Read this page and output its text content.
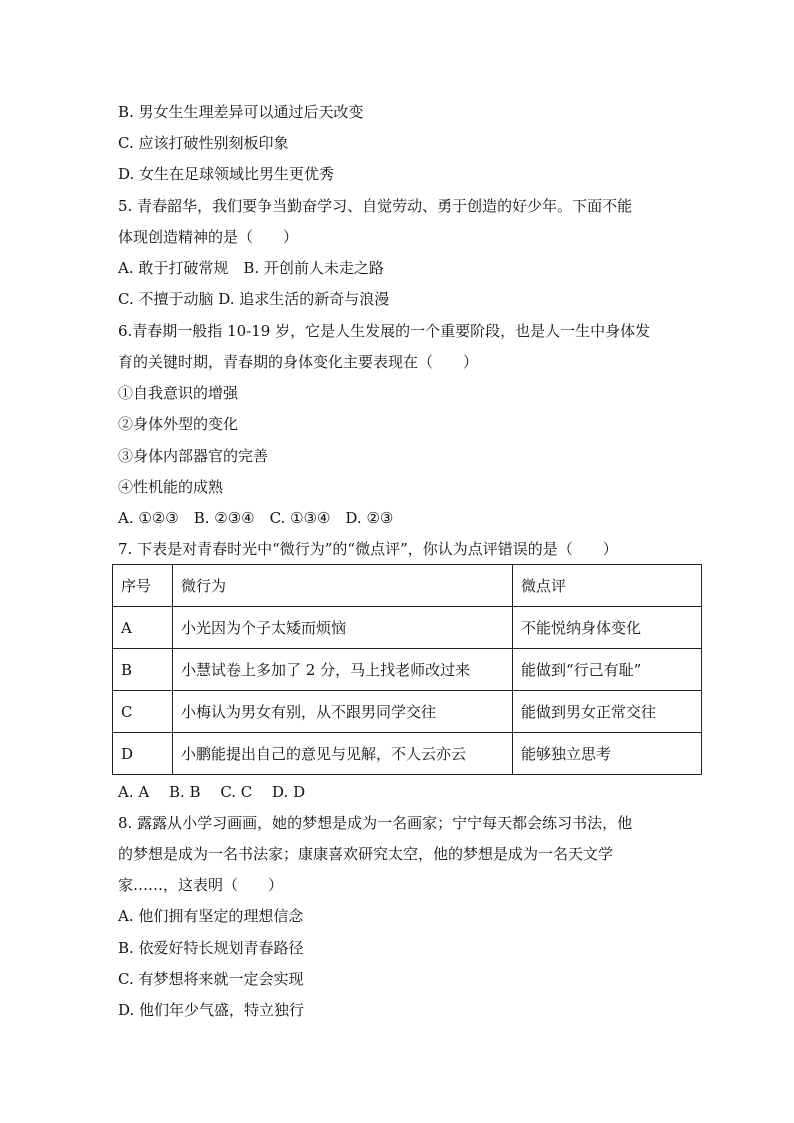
B. 男女生生理差异可以通过后天改变
C. 应该打破性别刻板印象
D. 女生在足球领域比男生更优秀
5. 青春韶华，我们要争当勤奋学习、自觉劳动、勇于创造的好少年。下面不能
体现创造精神的是（　　）
A. 敢于打破常规　B. 开创前人未走之路
C. 不擅于动脑 D. 追求生活的新奇与浪漫
6.青春期一般指 10-19 岁，它是人生发展的一个重要阶段，也是人一生中身体发
育的关键时期，青春期的身体变化主要表现在（　　）
①自我意识的增强
②身体外型的变化
③身体内部器官的完善
④性机能的成熟
A. ①②③　B. ②③④　C. ①③④　D. ②③
7. 下表是对青春时光中“微行为”的“微点评”，你认为点评错误的是（　　）
序号	微行为	微点评
A	小光因为个子太矮而烦恼	不能悦纳身体变化
B	小慧试卷上多加了 2 分，马上找老师改过来	能做到“行己有耻”
C	小梅认为男女有别，从不跟男同学交往	能做到男女正常交往
D	小鹏能提出自己的意见与见解，不人云亦云	能够独立思考
A. A　 B. B　 C. C　 D. D
8. 露露从小学习画画，她的梦想是成为一名画家；宁宁每天都会练习书法，他
的梦想是成为一名书法家；康康喜欢研究太空，他的梦想是成为一名天文学
家……，这表明（　　）
A. 他们拥有坚定的理想信念
B. 依爱好特长规划青春路径
C. 有梦想将来就一定会实现
D. 他们年少气盛，特立独行
